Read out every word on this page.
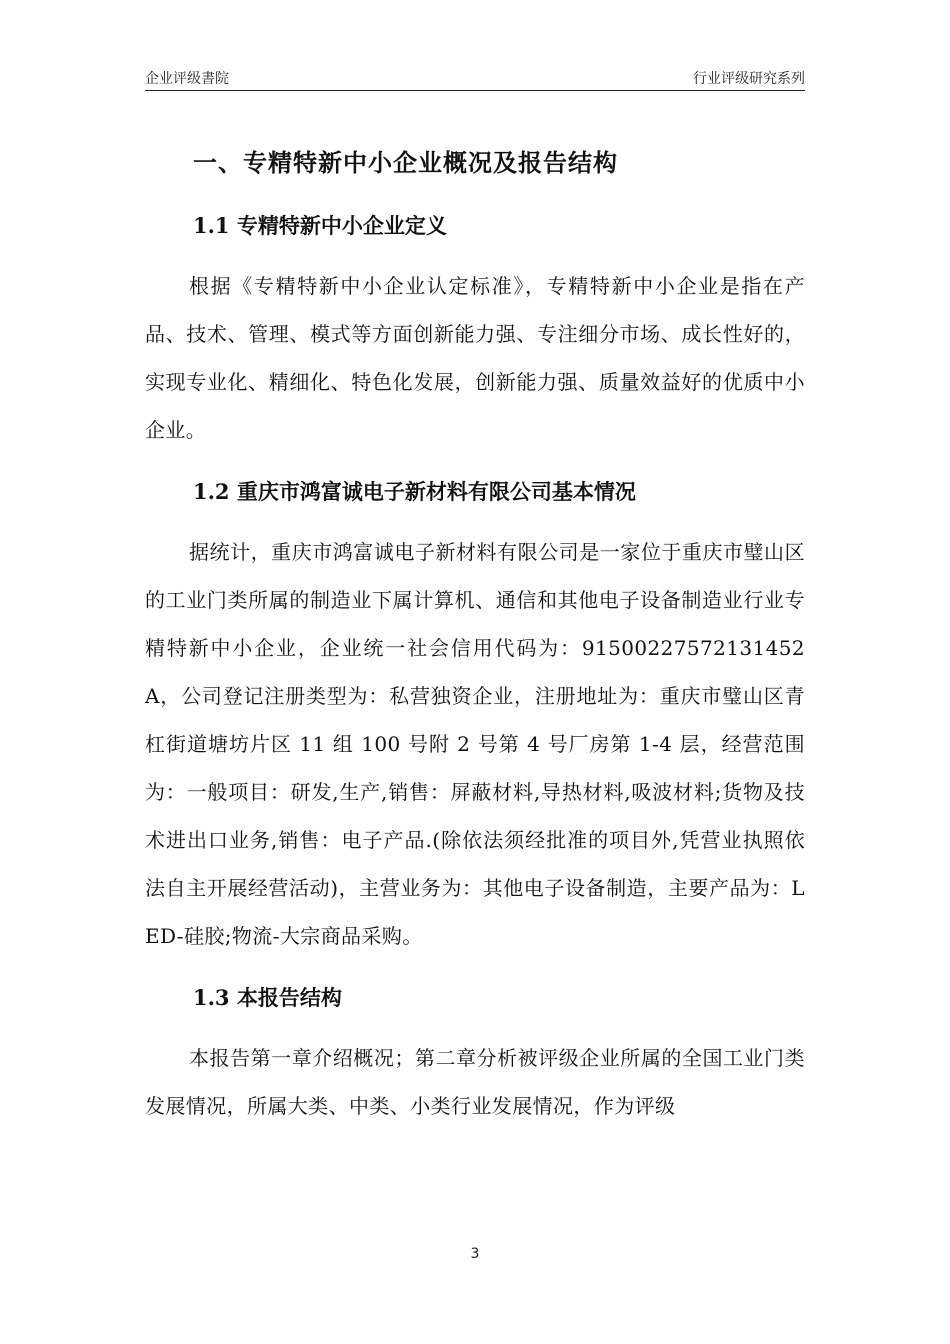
企业评级書院	行业评级研究系列
一、专精特新中小企业概况及报告结构
1.1 专精特新中小企业定义

根据《专精特新中小企业认定标准》，专精特新中小企业是指在产品、技术、管理、模式等方面创新能力强、专注细分市场、成长性好的，实现专业化、精细化、特色化发展，创新能力强、质量效益好的优质中小企业。

1.2 重庆市鸿富诚电子新材料有限公司基本情况

据统计，重庆市鸿富诚电子新材料有限公司是一家位于重庆市璧山区的工业门类所属的制造业下属计算机、通信和其他电子设备制造业行业专精特新中小企业，企业统一社会信用代码为：91500227572131452A，公司登记注册类型为：私营独资企业，注册地址为：重庆市璧山区青杠街道塘坊片区 11 组 100 号附 2 号第 4 号厂房第 1-4 层，经营范围为：一般项目：研发,生产,销售：屏蔽材料,导热材料,吸波材料;货物及技术进出口业务,销售：电子产品.(除依法须经批准的项目外,凭营业执照依法自主开展经营活动)，主营业务为：其他电子设备制造，主要产品为：LED-硅胶;物流-大宗商品采购。

1.3 本报告结构

本报告第一章介绍概况；第二章分析被评级企业所属的全国工业门类发展情况，所属大类、中类、小类行业发展情况，作为评级

3
